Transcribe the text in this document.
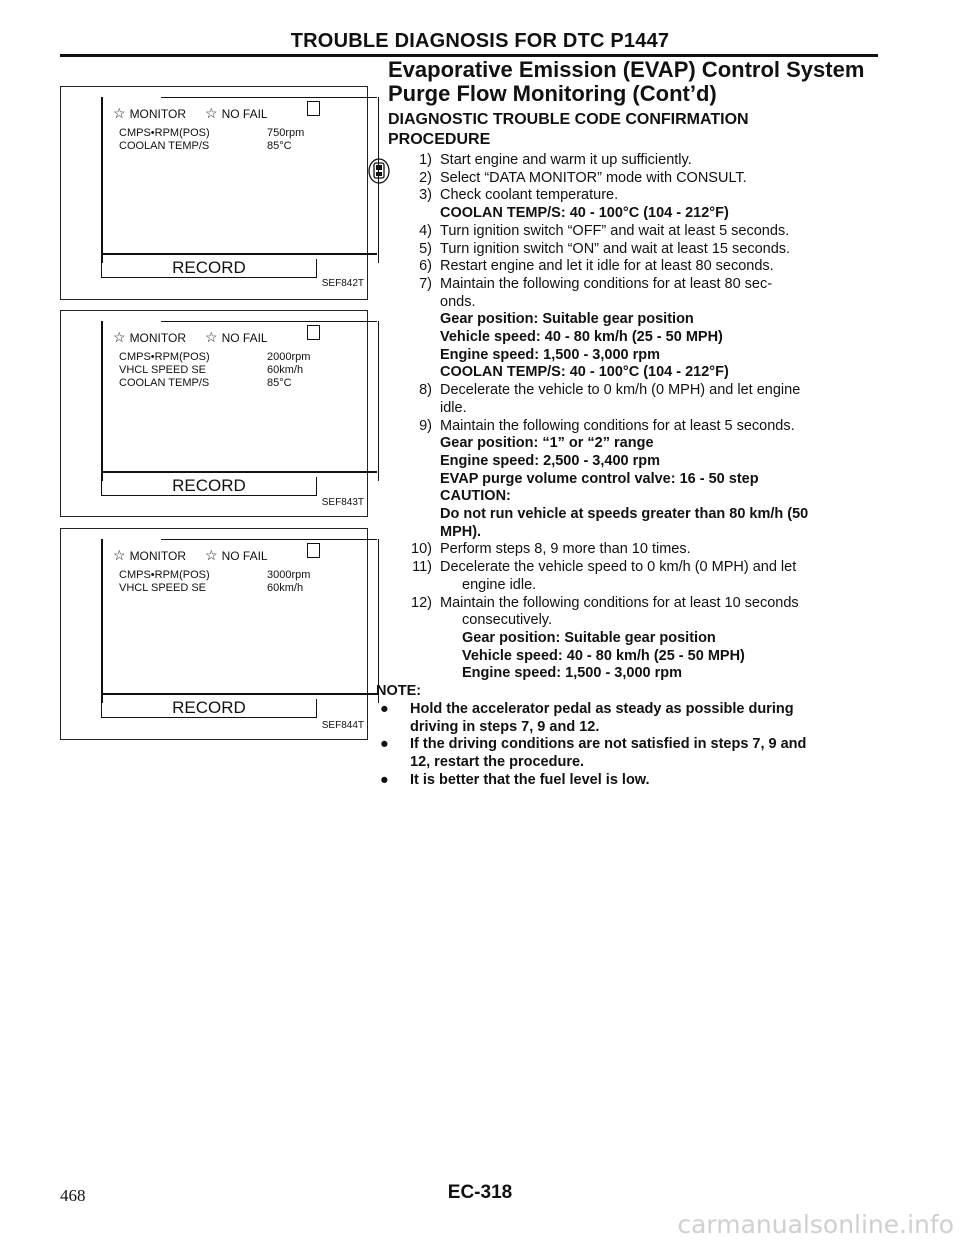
TROUBLE DIAGNOSIS FOR DTC P1447
Evaporative Emission (EVAP) Control System
Purge Flow Monitoring (Cont’d)
DIAGNOSTIC TROUBLE CODE CONFIRMATION
PROCEDURE
☆ MONITOR ☆ NO FAIL
CMPS•RPM(POS)	750rpm
COOLAN TEMP/S	85°C
RECORD
SEF842T
☆ MONITOR ☆ NO FAIL
CMPS•RPM(POS)	2000rpm
VHCL SPEED SE	60km/h
COOLAN TEMP/S	85°C
RECORD
SEF843T
☆ MONITOR ☆ NO FAIL
CMPS•RPM(POS)	3000rpm
VHCL SPEED SE	60km/h
RECORD
SEF844T
1) Start engine and warm it up sufficiently.
2) Select “DATA MONITOR” mode with CONSULT.
3) Check coolant temperature.
COOLAN TEMP/S: 40 - 100°C (104 - 212°F)
4) Turn ignition switch “OFF” and wait at least 5 seconds.
5) Turn ignition switch “ON” and wait at least 15 seconds.
6) Restart engine and let it idle for at least 80 seconds.
7) Maintain the following conditions for at least 80 sec-
onds.
Gear position: Suitable gear position
Vehicle speed: 40 - 80 km/h (25 - 50 MPH)
Engine speed: 1,500 - 3,000 rpm
COOLAN TEMP/S: 40 - 100°C (104 - 212°F)
8) Decelerate the vehicle to 0 km/h (0 MPH) and let engine
idle.
9) Maintain the following conditions for at least 5 seconds.
Gear position: “1” or “2” range
Engine speed: 2,500 - 3,400 rpm
EVAP purge volume control valve: 16 - 50 step
CAUTION:
Do not run vehicle at speeds greater than 80 km/h (50
MPH).
10) Perform steps 8, 9 more than 10 times.
11) Decelerate the vehicle speed to 0 km/h (0 MPH) and let
engine idle.
12) Maintain the following conditions for at least 10 seconds
consecutively.
Gear position: Suitable gear position
Vehicle speed: 40 - 80 km/h (25 - 50 MPH)
Engine speed: 1,500 - 3,000 rpm
NOTE:
● Hold the accelerator pedal as steady as possible during
driving in steps 7, 9 and 12.
● If the driving conditions are not satisfied in steps 7, 9 and
12, restart the procedure.
● It is better that the fuel level is low.
468	EC-318
carmanualsonline.info
